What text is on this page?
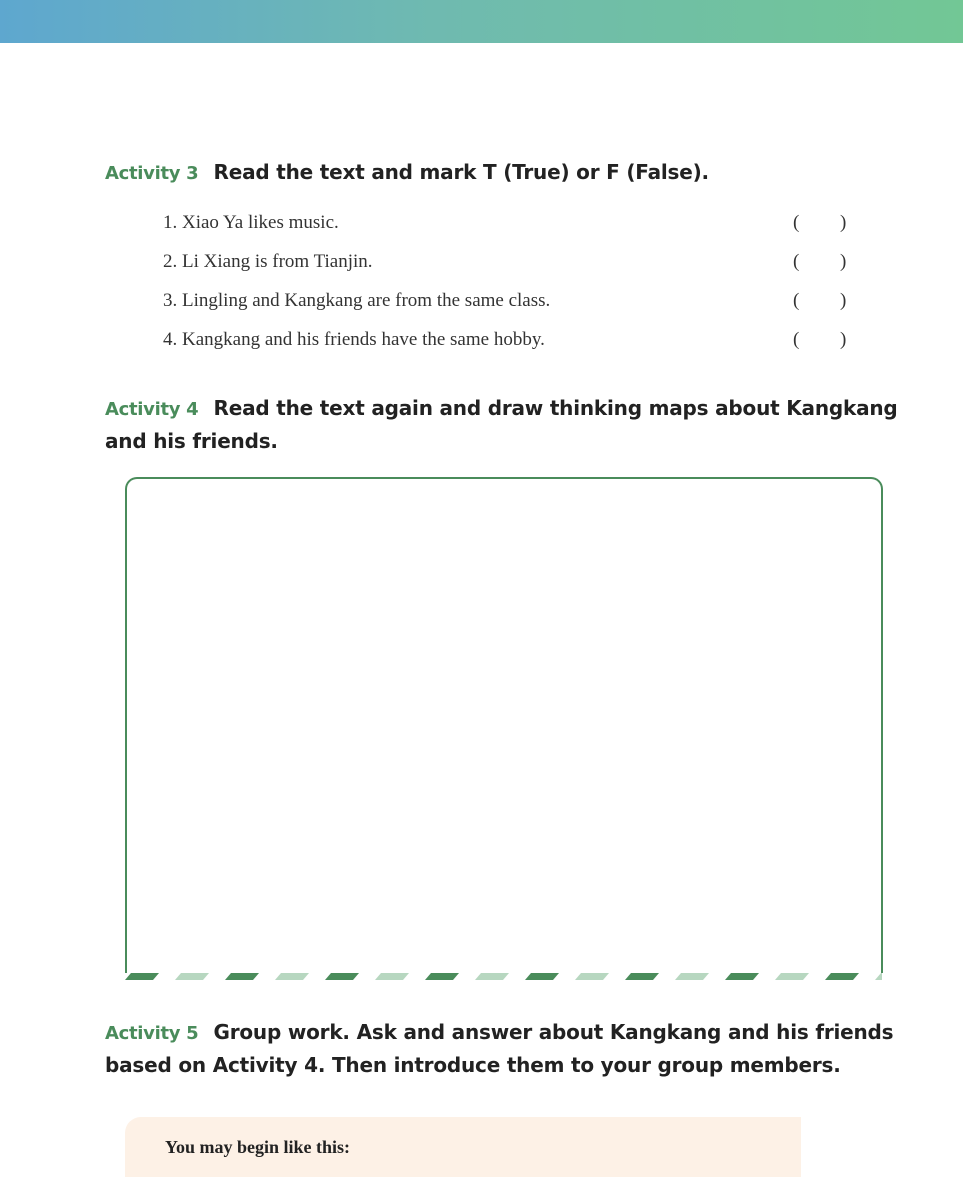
Activity 3 Read the text and mark T (True) or F (False).
1. Xiao Ya likes music.	( )
2. Li Xiang is from Tianjin.	( )
3. Lingling and Kangkang are from the same class.	( )
4. Kangkang and his friends have the same hobby.	( )
Activity 4 Read the text again and draw thinking maps about Kangkang
and his friends.
Activity 5 Group work. Ask and answer about Kangkang and his friends
based on Activity 4. Then introduce them to your group members.
You may begin like this:
